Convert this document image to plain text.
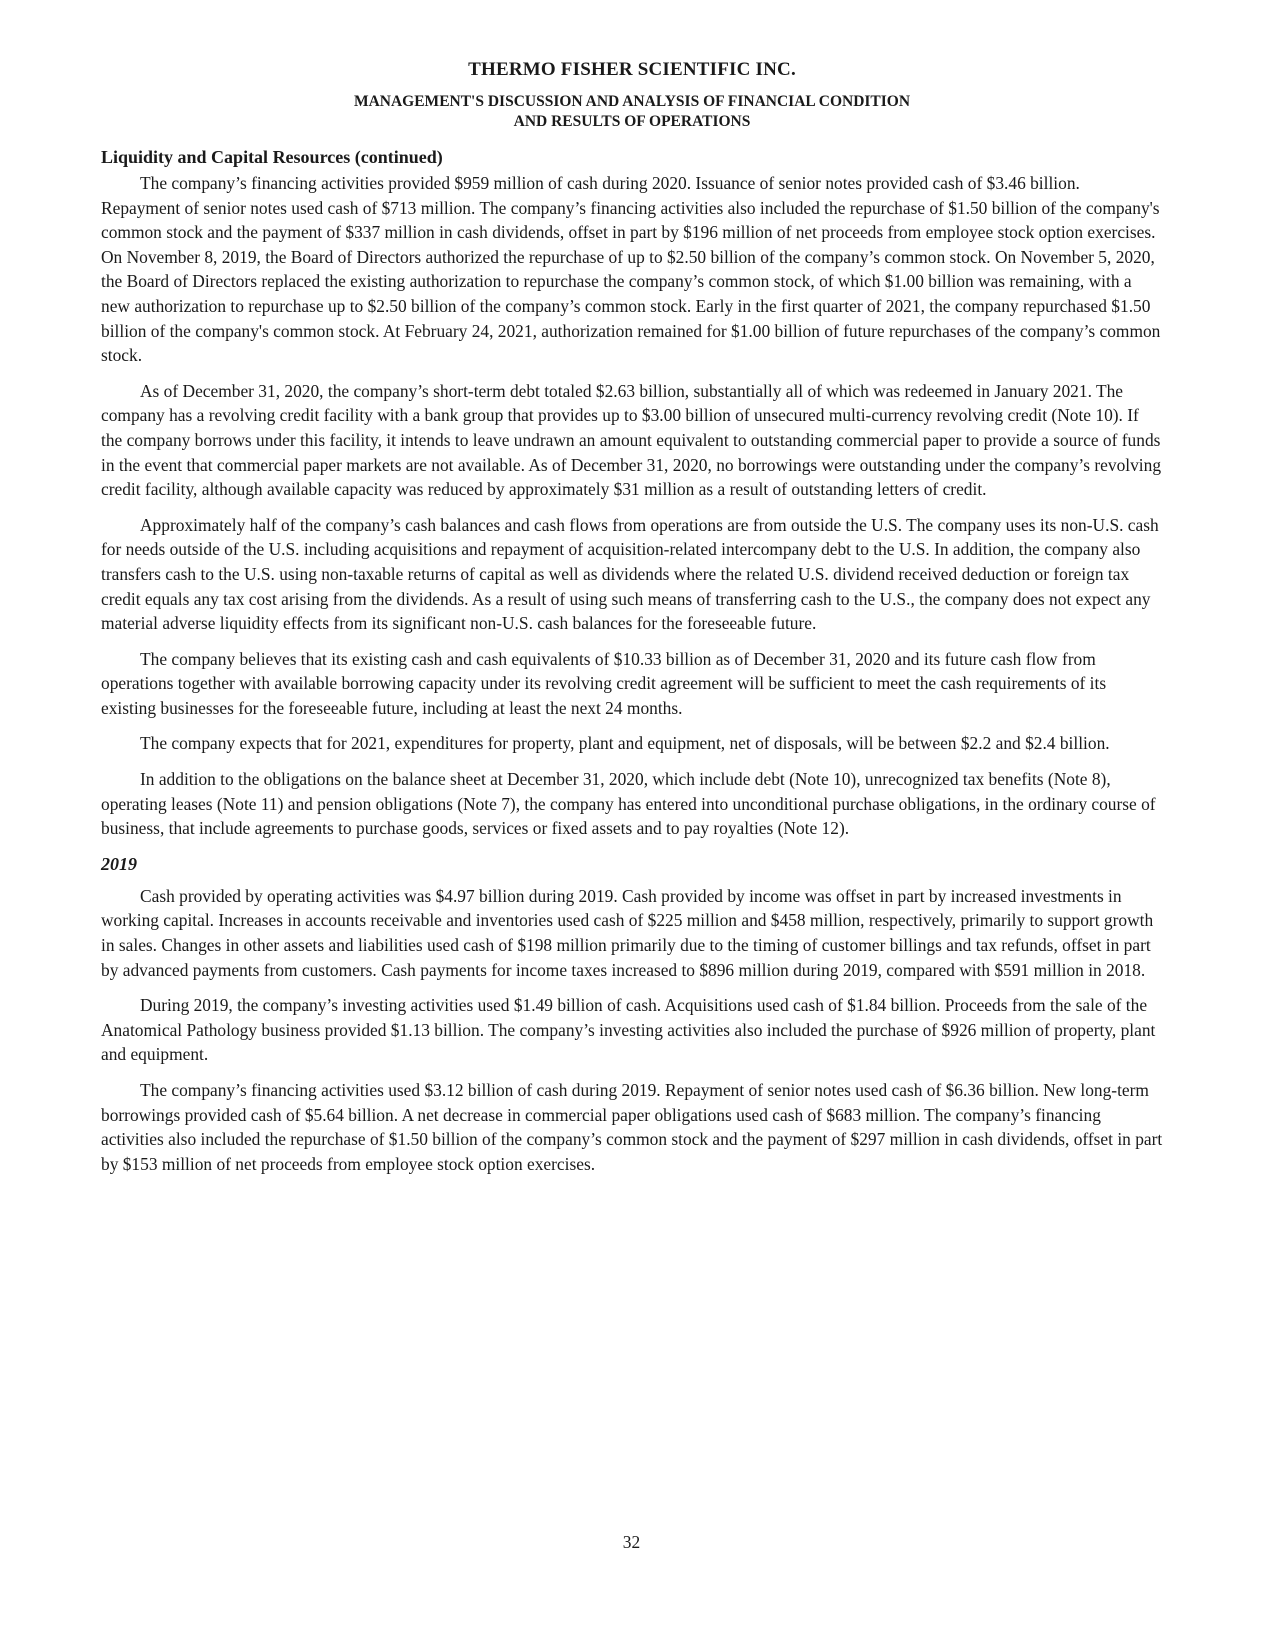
THERMO FISHER SCIENTIFIC INC.
MANAGEMENT'S DISCUSSION AND ANALYSIS OF FINANCIAL CONDITION
AND RESULTS OF OPERATIONS
Liquidity and Capital Resources (continued)

The company’s financing activities provided $959 million of cash during 2020. Issuance of senior notes provided cash of $3.46 billion. Repayment of senior notes used cash of $713 million. The company’s financing activities also included the repurchase of $1.50 billion of the company's common stock and the payment of $337 million in cash dividends, offset in part by $196 million of net proceeds from employee stock option exercises. On November 8, 2019, the Board of Directors authorized the repurchase of up to $2.50 billion of the company’s common stock. On November 5, 2020, the Board of Directors replaced the existing authorization to repurchase the company’s common stock, of which $1.00 billion was remaining, with a new authorization to repurchase up to $2.50 billion of the company’s common stock. Early in the first quarter of 2021, the company repurchased $1.50 billion of the company's common stock. At February 24, 2021, authorization remained for $1.00 billion of future repurchases of the company’s common stock.

As of December 31, 2020, the company’s short-term debt totaled $2.63 billion, substantially all of which was redeemed in January 2021. The company has a revolving credit facility with a bank group that provides up to $3.00 billion of unsecured multi-currency revolving credit (Note 10). If the company borrows under this facility, it intends to leave undrawn an amount equivalent to outstanding commercial paper to provide a source of funds in the event that commercial paper markets are not available. As of December 31, 2020, no borrowings were outstanding under the company’s revolving credit facility, although available capacity was reduced by approximately $31 million as a result of outstanding letters of credit.

Approximately half of the company’s cash balances and cash flows from operations are from outside the U.S. The company uses its non-U.S. cash for needs outside of the U.S. including acquisitions and repayment of acquisition-related intercompany debt to the U.S. In addition, the company also transfers cash to the U.S. using non-taxable returns of capital as well as dividends where the related U.S. dividend received deduction or foreign tax credit equals any tax cost arising from the dividends. As a result of using such means of transferring cash to the U.S., the company does not expect any material adverse liquidity effects from its significant non-U.S. cash balances for the foreseeable future.

The company believes that its existing cash and cash equivalents of $10.33 billion as of December 31, 2020 and its future cash flow from operations together with available borrowing capacity under its revolving credit agreement will be sufficient to meet the cash requirements of its existing businesses for the foreseeable future, including at least the next 24 months.

The company expects that for 2021, expenditures for property, plant and equipment, net of disposals, will be between $2.2 and $2.4 billion.

In addition to the obligations on the balance sheet at December 31, 2020, which include debt (Note 10), unrecognized tax benefits (Note 8), operating leases (Note 11) and pension obligations (Note 7), the company has entered into unconditional purchase obligations, in the ordinary course of business, that include agreements to purchase goods, services or fixed assets and to pay royalties (Note 12).

2019

Cash provided by operating activities was $4.97 billion during 2019. Cash provided by income was offset in part by increased investments in working capital. Increases in accounts receivable and inventories used cash of $225 million and $458 million, respectively, primarily to support growth in sales. Changes in other assets and liabilities used cash of $198 million primarily due to the timing of customer billings and tax refunds, offset in part by advanced payments from customers. Cash payments for income taxes increased to $896 million during 2019, compared with $591 million in 2018.

During 2019, the company’s investing activities used $1.49 billion of cash. Acquisitions used cash of $1.84 billion. Proceeds from the sale of the Anatomical Pathology business provided $1.13 billion. The company’s investing activities also included the purchase of $926 million of property, plant and equipment.

The company’s financing activities used $3.12 billion of cash during 2019. Repayment of senior notes used cash of $6.36 billion. New long-term borrowings provided cash of $5.64 billion. A net decrease in commercial paper obligations used cash of $683 million. The company’s financing activities also included the repurchase of $1.50 billion of the company’s common stock and the payment of $297 million in cash dividends, offset in part by $153 million of net proceeds from employee stock option exercises.

32
